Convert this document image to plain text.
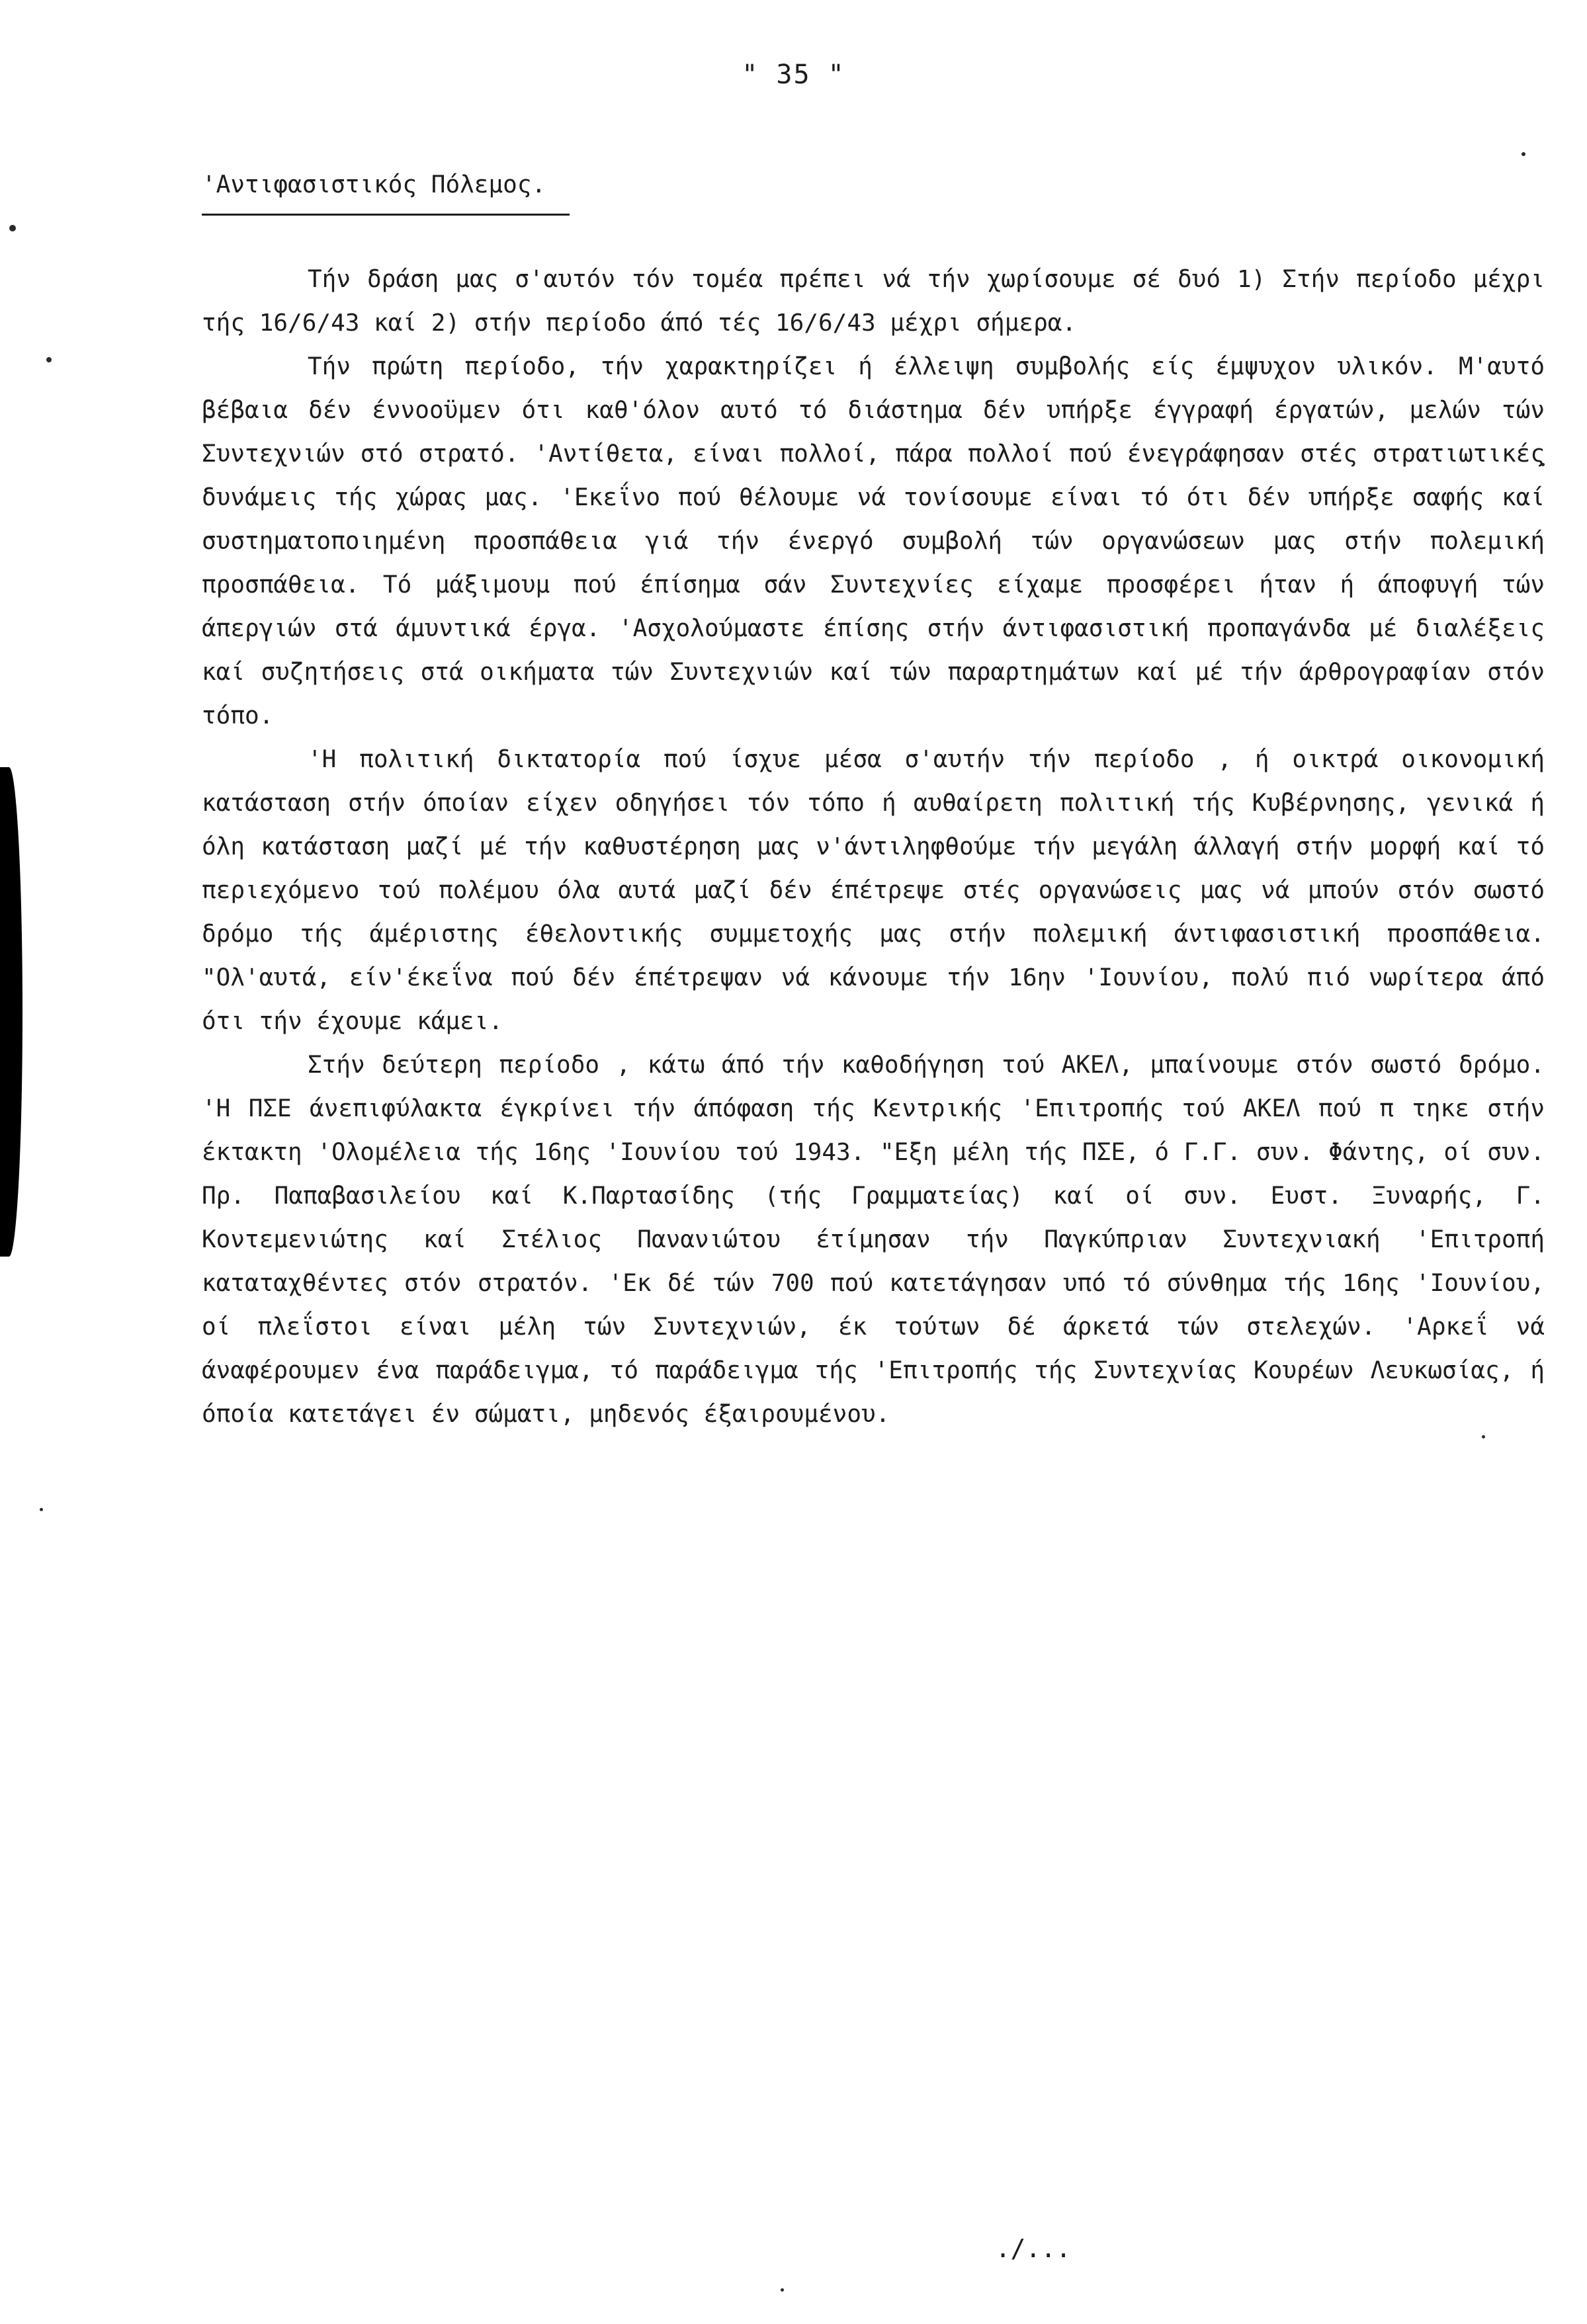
" 35 "
'Αντιφασιστικός Πόλεμος.

Τήν δράση μας σ'αυτόν τόν τομέα πρέπει νά τήν χωρίσουμε σέ δυό 1) Στήν περίοδο μέχρι τής 16/6/43 καί 2) στήν περίοδο άπό τές 16/6/43 μέχρι σήμερα.

Τήν πρώτη περίοδο, τήν χαρακτηρίζει ή έλλειψη συμβολής είς έμψυχον υλικόν. Μ'αυτό βέβαια δέν έννοοϋμεν ότι καθ'όλον αυτό τό διάστημα δέν υπήρξε έγγραφή έργατών, μελών τών Συντεχνιών στό στρατό. 'Αντίθετα, είναι πολλοί, πάρα πολλοί πού ένεγράφησαν στές στρατιωτικές δυνάμεις τής χώρας μας. 'Εκεΐνο πού θέλουμε νά τονίσουμε είναι τό ότι δέν υπήρξε σαφής καί συστηματοποιημένη προσπάθεια γιά τήν ένεργό συμβολή τών οργανώσεων μας στήν πολεμική προσπάθεια. Τό μάξιμουμ πού έπίσημα σάν Συντεχνίες είχαμε προσφέρει ήταν ή άποφυγή τών άπεργιών στά άμυντικά έργα. 'Ασχολούμαστε έπίσης στήν άντιφασιστική προπαγάνδα μέ διαλέξεις καί συζητήσεις στά οικήματα τών Συντεχνιών καί τών παραρτημάτων καί μέ τήν άρθρογραφίαν στόν τόπο.

'Η πολιτική δικτατορία πού ίσχυε μέσα σ'αυτήν τήν περίοδο , ή οικτρά οικονομική κατάσταση στήν όποίαν είχεν οδηγήσει τόν τόπο ή αυθαίρετη πολιτική τής Κυβέρνησης, γενικά ή όλη κατάσταση μαζί μέ τήν καθυστέρηση μας ν'άντιληφθούμε τήν μεγάλη άλλαγή στήν μορφή καί τό περιεχόμενο τού πολέμου όλα αυτά μαζί δέν έπέτρεψε στές οργανώσεις μας νά μπούν στόν σωστό δρόμο τής άμέριστης έθελοντικής συμμετοχής μας στήν πολεμική άντιφασιστική προσπάθεια. "Ολ'αυτά, είν'έκεΐνα πού δέν έπέτρεψαν νά κάνουμε τήν 16ην 'Ιουνίου, πολύ πιό νωρίτερα άπό ότι τήν έχουμε κάμει.

Στήν δεύτερη περίοδο , κάτω άπό τήν καθοδήγηση τού ΑΚΕΛ, μπαίνουμε στόν σωστό δρόμο. 'Η ΠΣΕ άνεπιφύλακτα έγκρίνει τήν άπόφαση τής Κεντρικής 'Επιτροπής τού ΑΚΕΛ πού π τηκε στήν έκτακτη 'Ολομέλεια τής 16ης 'Ιουνίου τού 1943. "Εξη μέλη τής ΠΣΕ, ό Γ.Γ. συν. Φάντης, οί συν. Πρ. Παπαβασιλείου καί Κ.Παρτασίδης (τής Γραμματείας) καί οί συν. Ευστ. Ξυναρής, Γ. Κοντεμενιώτης καί Στέλιος Πανανιώτου έτίμησαν τήν Παγκύπριαν Συντεχνιακή 'Επιτροπή καταταχθέντες στόν στρατόν. 'Εκ δέ τών 700 πού κατετάγησαν υπό τό σύνθημα τής 16ης 'Ιουνίου, οί πλεΐστοι είναι μέλη τών Συντεχνιών, έκ τούτων δέ άρκετά τών στελεχών. 'Αρκεΐ νά άναφέρουμεν ένα παράδειγμα, τό παράδειγμα τής 'Επιτροπής τής Συντεχνίας Κουρέων Λευκωσίας, ή όποία κατετάγει έν σώματι, μηδενός έξαιρουμένου.

./...
